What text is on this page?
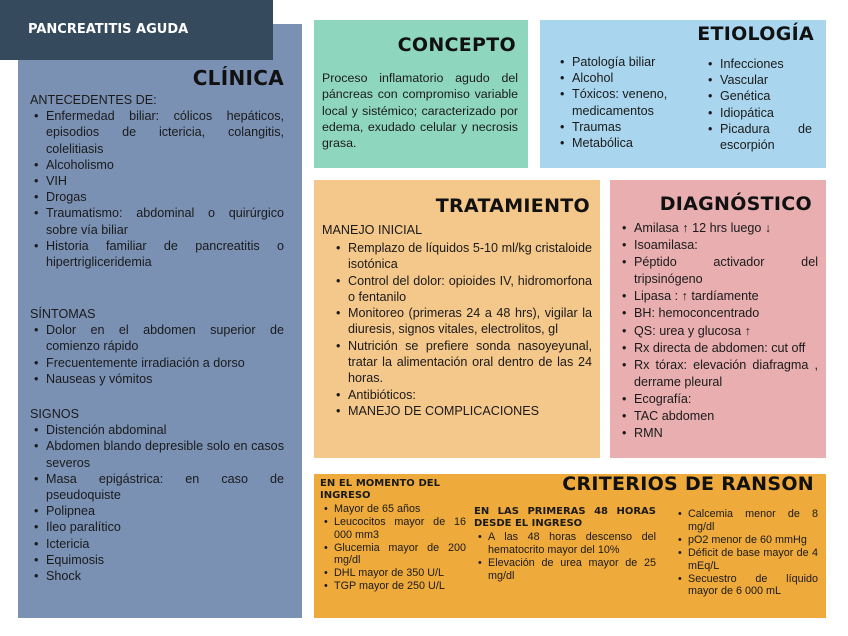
PANCREATITIS AGUDA
CLÍNICA
ANTECEDENTES DE:
• Enfermedad biliar: cólicos hepáticos, episodios de ictericia, colangitis, colelitiasis
• Alcoholismo
• VIH
• Drogas
• Traumatismo: abdominal o quirúrgico sobre vía biliar
• Historia familiar de pancreatitis o hipertrigliceridemia
SÍNTOMAS
• Dolor en el abdomen superior de comienzo rápido
• Frecuentemente irradiación a dorso
• Nauseas y vómitos
SIGNOS
• Distención abdominal
• Abdomen blando depresible solo en casos severos
• Masa epigástrica: en caso de pseudoquiste
• Polipnea
• Ileo paralítico
• Ictericia
• Equimosis
• Shock
CONCEPTO

Proceso inflamatorio agudo del páncreas con compromiso variable local y sistémico; caracterizado por edema, exudado celular y necrosis grasa.

ETIOLOGÍA
• Patología biliar
• Alcohol
• Tóxicos: veneno, medicamentos
• Traumas
• Metabólica
• Infecciones
• Vascular
• Genética
• Idiopática
• Picadura de escorpión
TRATAMIENTO
MANEJO INICIAL
• Remplazo de líquidos 5-10 ml/kg cristaloide isotónica
• Control del dolor: opioides IV, hidromorfona o fentanilo
• Monitoreo (primeras 24 a 48 hrs), vigilar la diuresis, signos vitales, electrolitos, gl
• Nutrición se prefiere sonda nasoyeyunal, tratar la alimentación oral dentro de las 24 horas.
• Antibióticos:
• MANEJO DE COMPLICACIONES
DIAGNÓSTICO
• Amilasa ↑ 12 hrs luego ↓
• Isoamilasa:
• Péptido activador del tripsinógeno
• Lipasa : ↑ tardíamente
• BH: hemoconcentrado
• QS: urea y glucosa ↑
• Rx directa de abdomen: cut off
• Rx tórax: elevación diafragma , derrame pleural
• Ecografía:
• TAC abdomen
• RMN
CRITERIOS DE RANSON
EN EL MOMENTO DEL INGRESO
• Mayor de 65 años
• Leucocitos mayor de 16 000 mm3
• Glucemia mayor de 200 mg/dl
• DHL mayor de 350 U/L
• TGP mayor de 250 U/L
EN LAS PRIMERAS 48 HORAS DESDE EL INGRESO
• A las 48 horas descenso del hematocrito mayor del 10%
• Elevación de urea mayor de 25 mg/dl
• Calcemia menor de 8 mg/dl
• pO2 menor de 60 mmHg
• Déficit de base mayor de 4 mEq/L
• Secuestro de líquido mayor de 6 000 mL
